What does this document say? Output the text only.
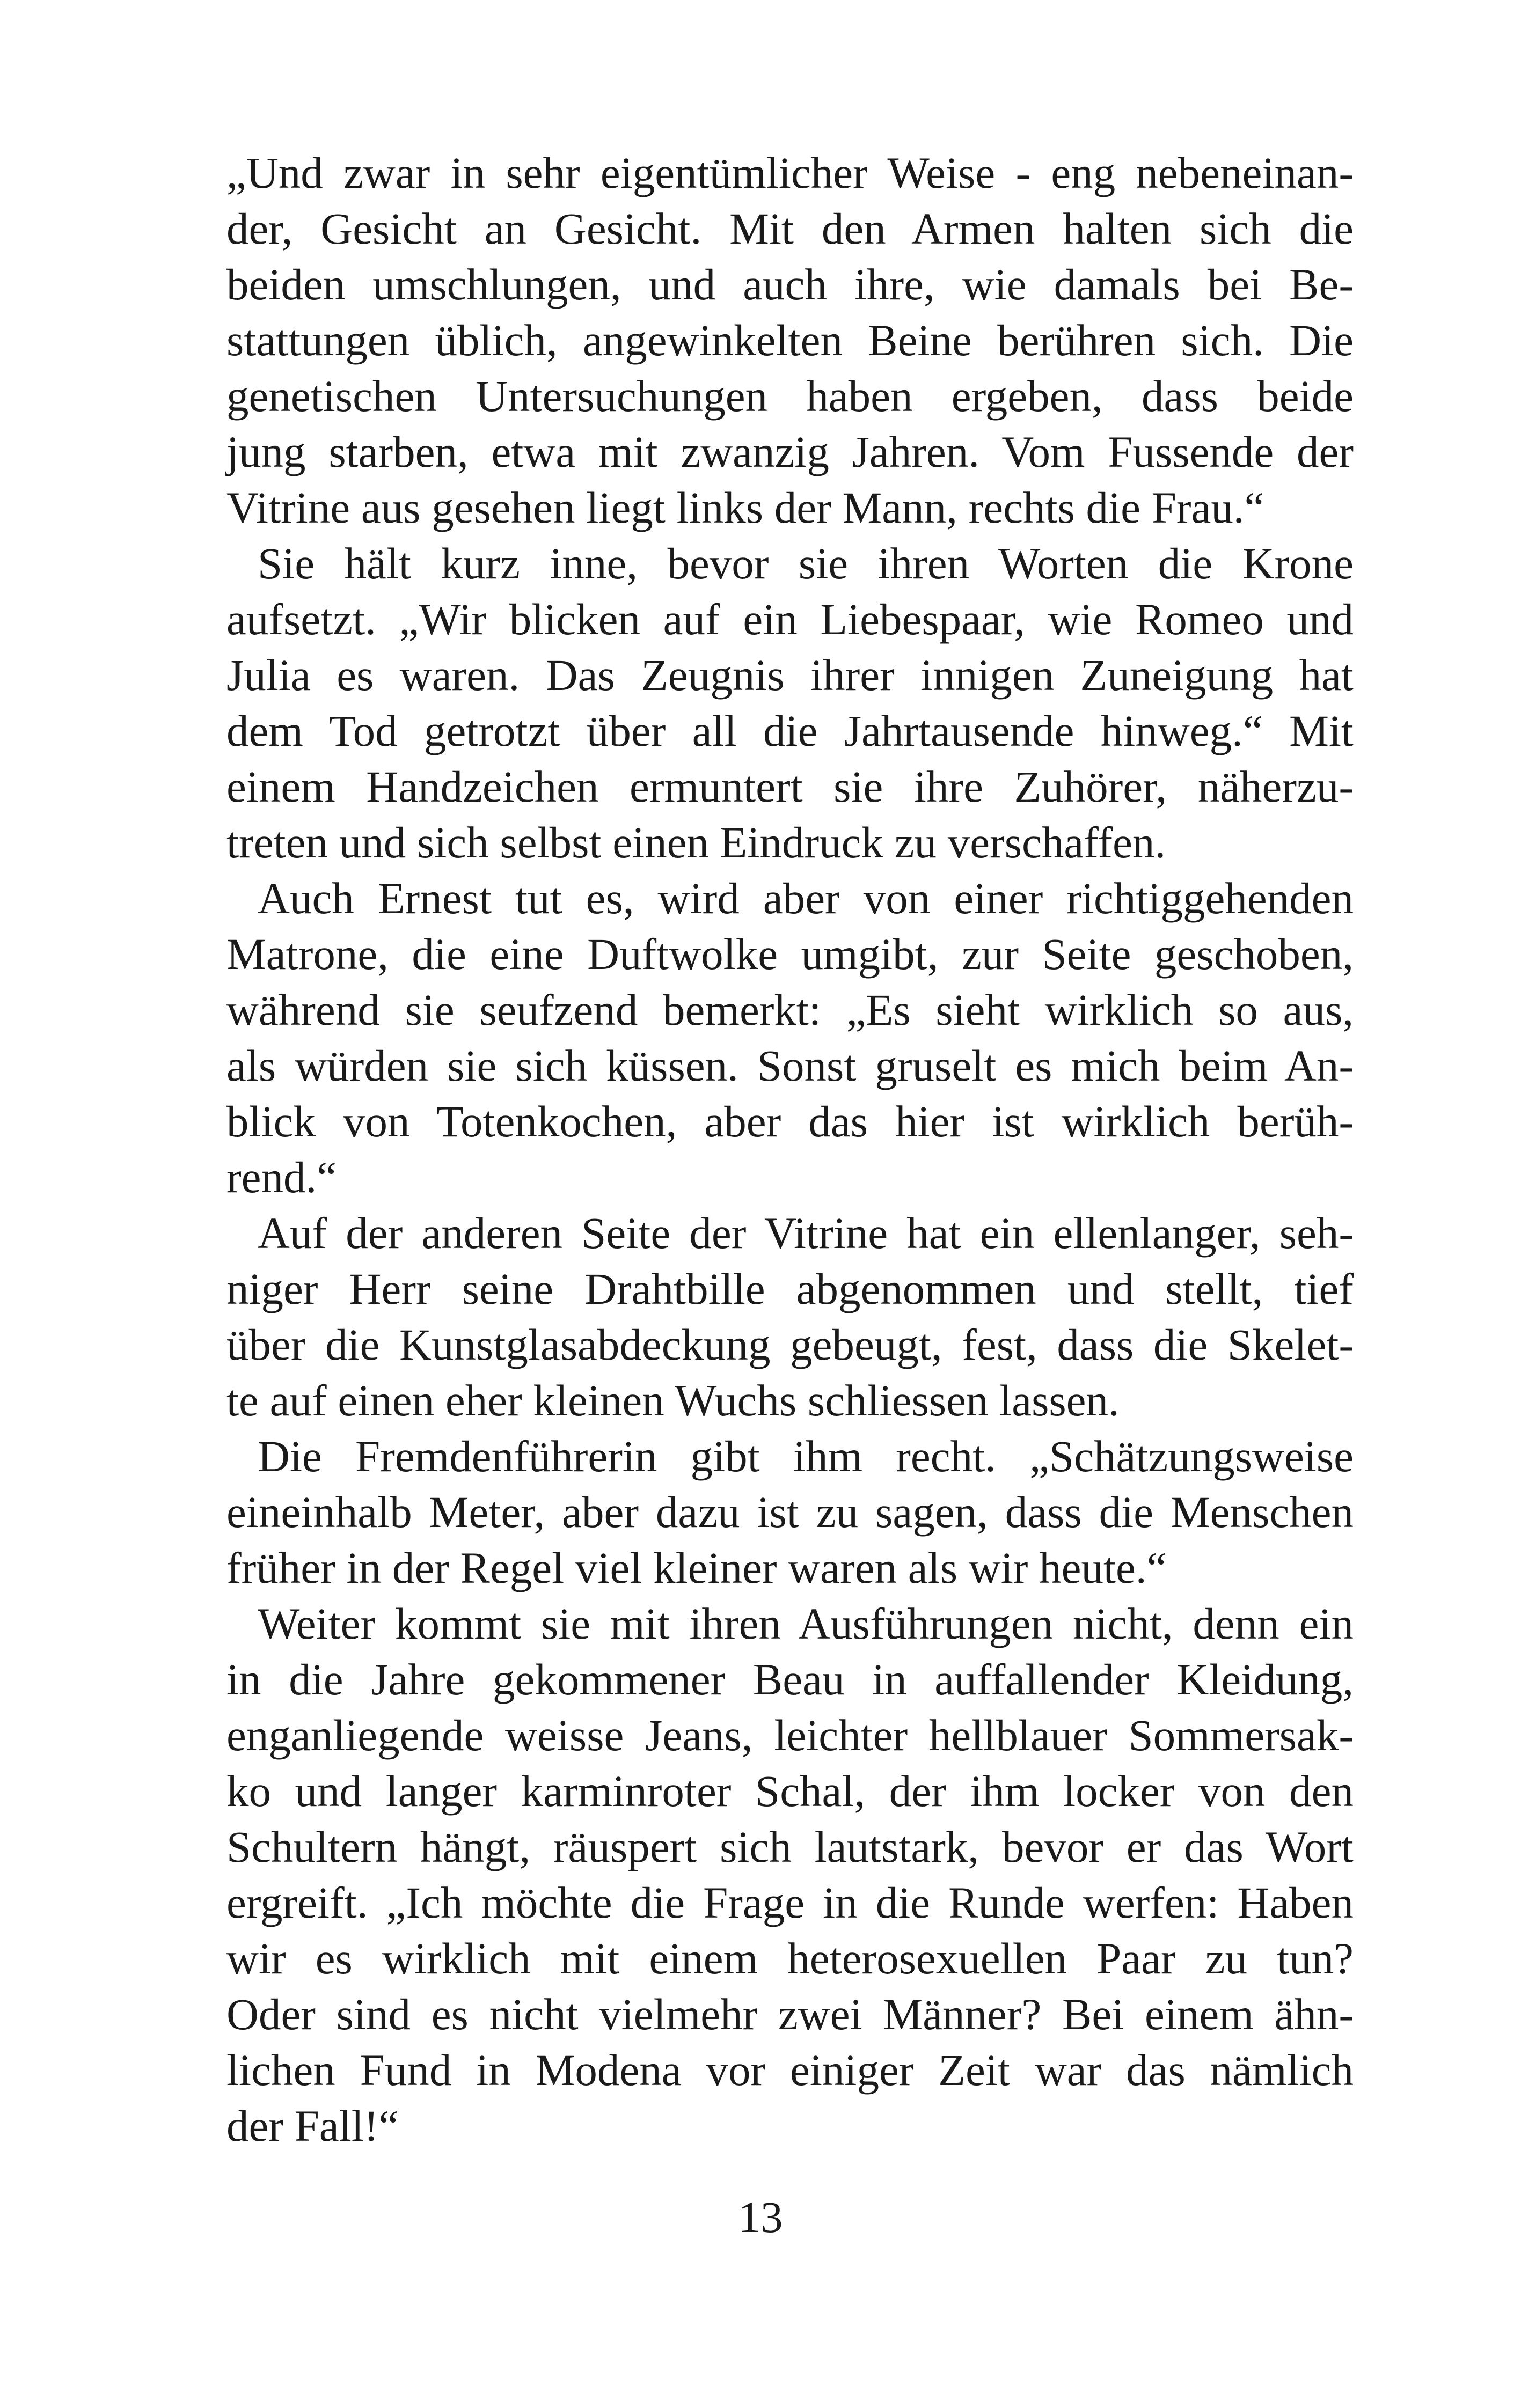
„Und zwar in sehr eigentümlicher Weise - eng nebeneinan-
der, Gesicht an Gesicht. Mit den Armen halten sich die
beiden umschlungen, und auch ihre, wie damals bei Be-
stattungen üblich, angewinkelten Beine berühren sich. Die
genetischen Untersuchungen haben ergeben, dass beide
jung starben, etwa mit zwanzig Jahren. Vom Fussende der
Vitrine aus gesehen liegt links der Mann, rechts die Frau.“
Sie hält kurz inne, bevor sie ihren Worten die Krone
aufsetzt. „Wir blicken auf ein Liebespaar, wie Romeo und
Julia es waren. Das Zeugnis ihrer innigen Zuneigung hat
dem Tod getrotzt über all die Jahrtausende hinweg.“ Mit
einem Handzeichen ermuntert sie ihre Zuhörer, näherzu-
treten und sich selbst einen Eindruck zu verschaffen.
Auch Ernest tut es, wird aber von einer richtiggehenden
Matrone, die eine Duftwolke umgibt, zur Seite geschoben,
während sie seufzend bemerkt: „Es sieht wirklich so aus,
als würden sie sich küssen. Sonst gruselt es mich beim An-
blick von Totenkochen, aber das hier ist wirklich berüh-
rend.“
Auf der anderen Seite der Vitrine hat ein ellenlanger, seh-
niger Herr seine Drahtbille abgenommen und stellt, tief
über die Kunstglasabdeckung gebeugt, fest, dass die Skelet-
te auf einen eher kleinen Wuchs schliessen lassen.
Die Fremdenführerin gibt ihm recht. „Schätzungsweise
eineinhalb Meter, aber dazu ist zu sagen, dass die Menschen
früher in der Regel viel kleiner waren als wir heute.“
Weiter kommt sie mit ihren Ausführungen nicht, denn ein
in die Jahre gekommener Beau in auffallender Kleidung,
enganliegende weisse Jeans, leichter hellblauer Sommersak-
ko und langer karminroter Schal, der ihm locker von den
Schultern hängt, räuspert sich lautstark, bevor er das Wort
ergreift. „Ich möchte die Frage in die Runde werfen: Haben
wir es wirklich mit einem heterosexuellen Paar zu tun?
Oder sind es nicht vielmehr zwei Männer? Bei einem ähn-
lichen Fund in Modena vor einiger Zeit war das nämlich
der Fall!“
13
